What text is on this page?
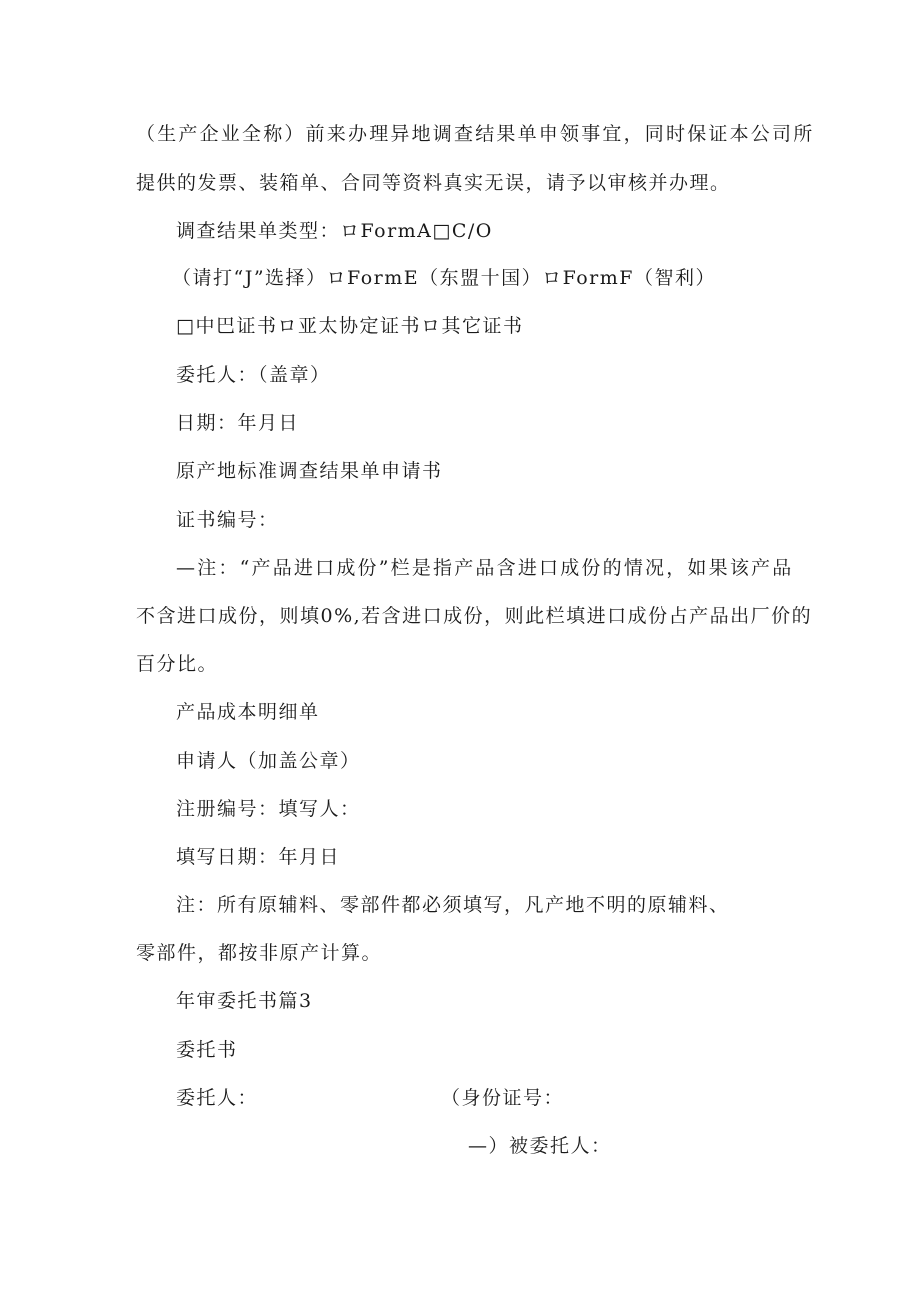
（生产企业全称）前来办理异地调查结果单申领事宜，同时保证本公司所
提供的发票、装箱单、合同等资料真实无误，请予以审核并办理。
调查结果单类型：ロFormA□C/O
（请打“J”选择）ロFormE（东盟十国）ロFormF（智利）
□中巴证书ロ亚太协定证书ロ其它证书
委托人：（盖章）
日期：年月日
原产地标准调查结果单申请书
证书编号：
—注：“产品进口成份”栏是指产品含进口成份的情况，如果该产品
不含进口成份，则填0%,若含进口成份，则此栏填进口成份占产品出厂价的
百分比。
产品成本明细单
申请人（加盖公章）
注册编号：填写人：
填写日期：年月日
注：所有原辅料、零部件都必须填写，凡产地不明的原辅料、
零部件，都按非原产计算。
年审委托书篇3
委托书
委托人：	（身份证号：
—）被委托人：
